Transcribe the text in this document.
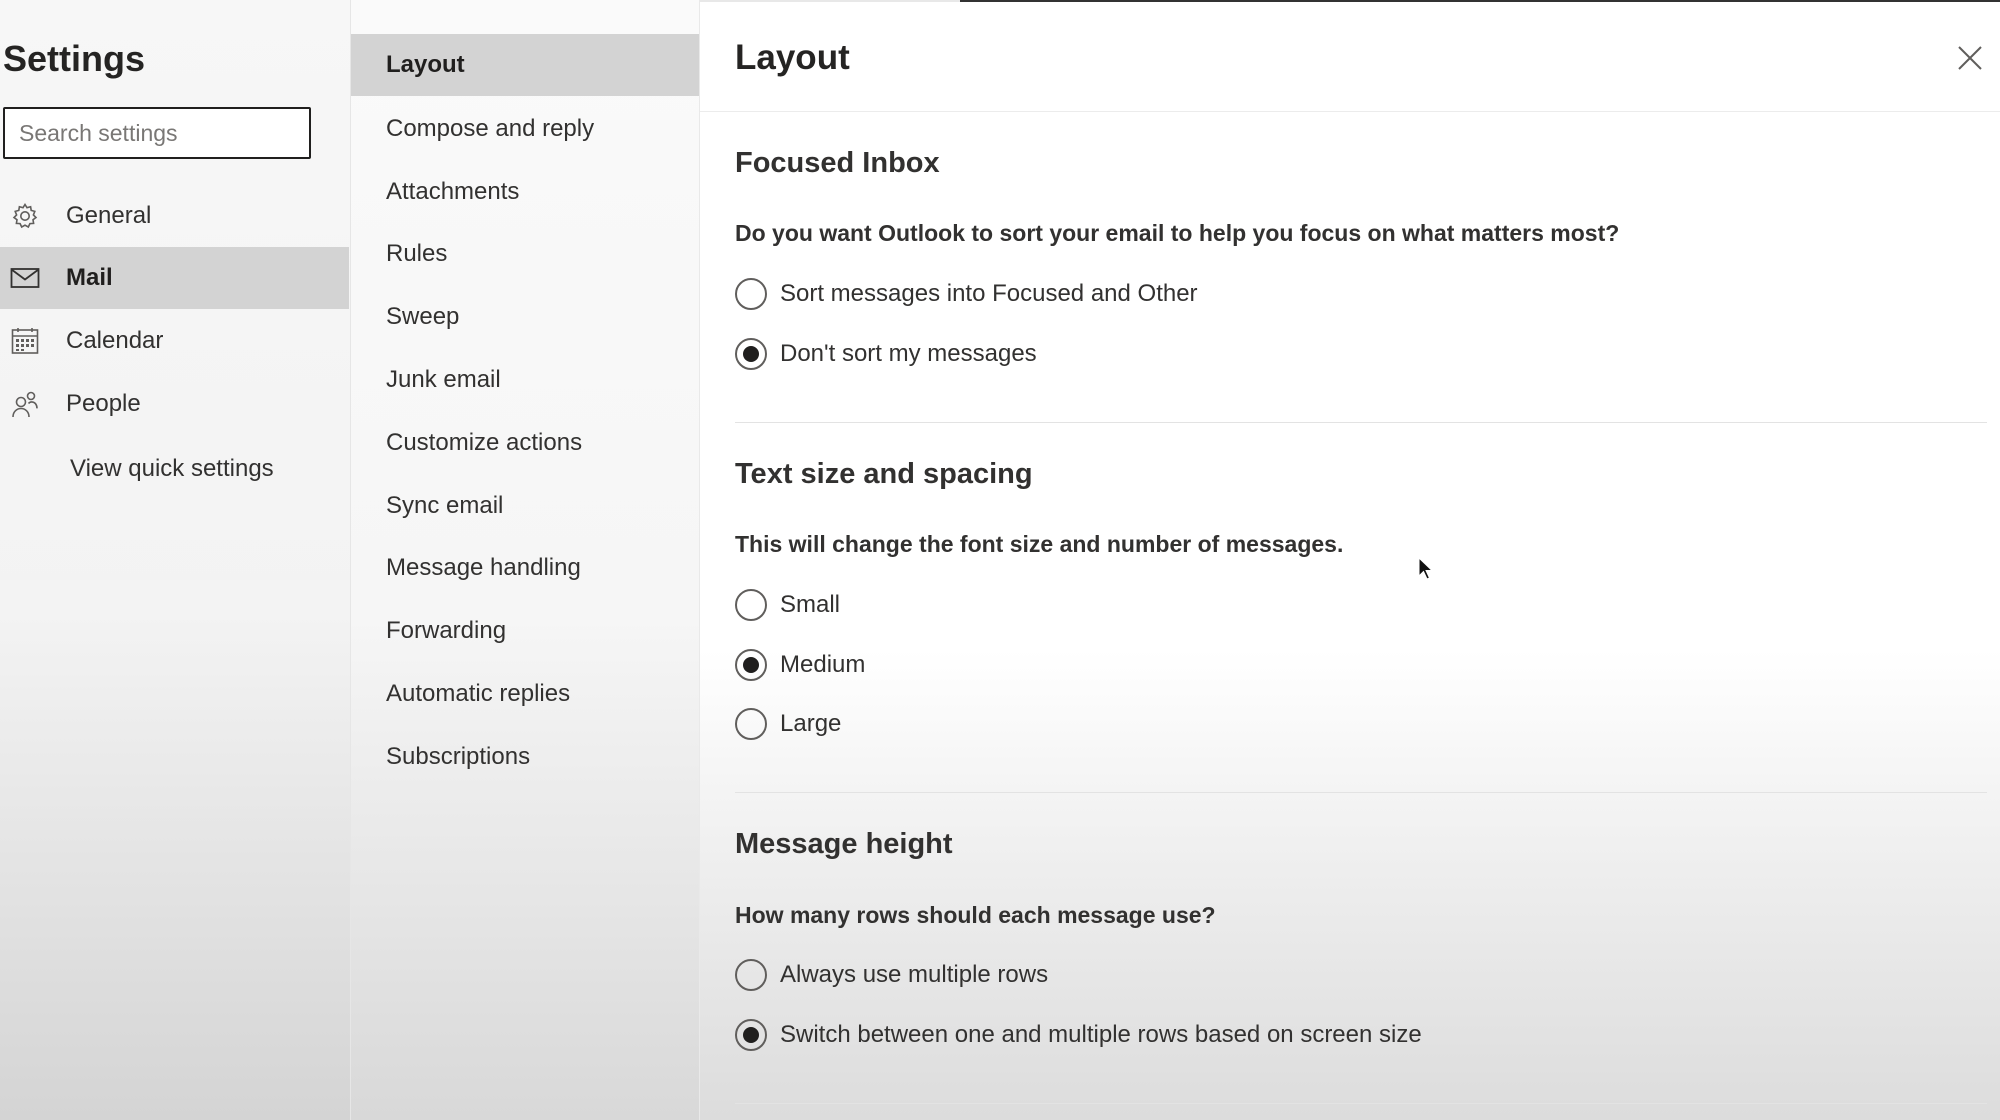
Settings
Search settings
General
Mail
Calendar
People
View quick settings
Layout
Compose and reply
Attachments
Rules
Sweep
Junk email
Customize actions
Sync email
Message handling
Forwarding
Automatic replies
Subscriptions
Layout
Focused Inbox
Do you want Outlook to sort your email to help you focus on what matters most?
Sort messages into Focused and Other
Don't sort my messages
Text size and spacing
This will change the font size and number of messages.
Small
Medium
Large
Message height
How many rows should each message use?
Always use multiple rows
Switch between one and multiple rows based on screen size
